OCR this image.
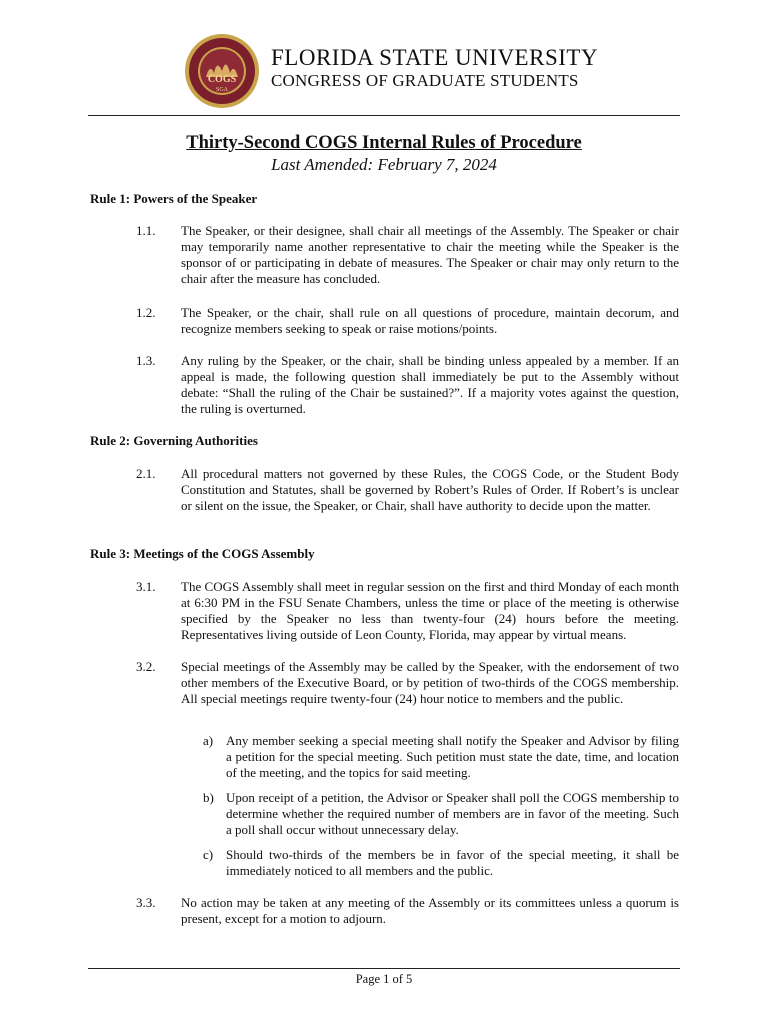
COGS
SGA
FLORIDA STATE UNIVERSITY
CONGRESS OF GRADUATE STUDENTS
Thirty-Second COGS Internal Rules of Procedure
Last Amended: February 7, 2024
Rule 1: Powers of the Speaker
1.1. The Speaker, or their designee, shall chair all meetings of the Assembly. The Speaker or chair may temporarily name another representative to chair the meeting while the Speaker is the sponsor of or participating in debate of measures. The Speaker or chair may only return to the chair after the measure has concluded.
1.2. The Speaker, or the chair, shall rule on all questions of procedure, maintain decorum, and recognize members seeking to speak or raise motions/points.
1.3. Any ruling by the Speaker, or the chair, shall be binding unless appealed by a member. If an appeal is made, the following question shall immediately be put to the Assembly without debate: “Shall the ruling of the Chair be sustained?”. If a majority votes against the question, the ruling is overturned.
Rule 2: Governing Authorities
2.1. All procedural matters not governed by these Rules, the COGS Code, or the Student Body Constitution and Statutes, shall be governed by Robert’s Rules of Order. If Robert’s is unclear or silent on the issue, the Speaker, or Chair, shall have authority to decide upon the matter.
Rule 3: Meetings of the COGS Assembly
3.1. The COGS Assembly shall meet in regular session on the first and third Monday of each month at 6:30 PM in the FSU Senate Chambers, unless the time or place of the meeting is otherwise specified by the Speaker no less than twenty-four (24) hours before the meeting. Representatives living outside of Leon County, Florida, may appear by virtual means.
3.2. Special meetings of the Assembly may be called by the Speaker, with the endorsement of two other members of the Executive Board, or by petition of two-thirds of the COGS membership. All special meetings require twenty-four (24) hour notice to members and the public.
a) Any member seeking a special meeting shall notify the Speaker and Advisor by filing a petition for the special meeting. Such petition must state the date, time, and location of the meeting, and the topics for said meeting.
b) Upon receipt of a petition, the Advisor or Speaker shall poll the COGS membership to determine whether the required number of members are in favor of the meeting. Such a poll shall occur without unnecessary delay.
c) Should two-thirds of the members be in favor of the special meeting, it shall be immediately noticed to all members and the public.
3.3. No action may be taken at any meeting of the Assembly or its committees unless a quorum is present, except for a motion to adjourn.
Page 1 of 5
